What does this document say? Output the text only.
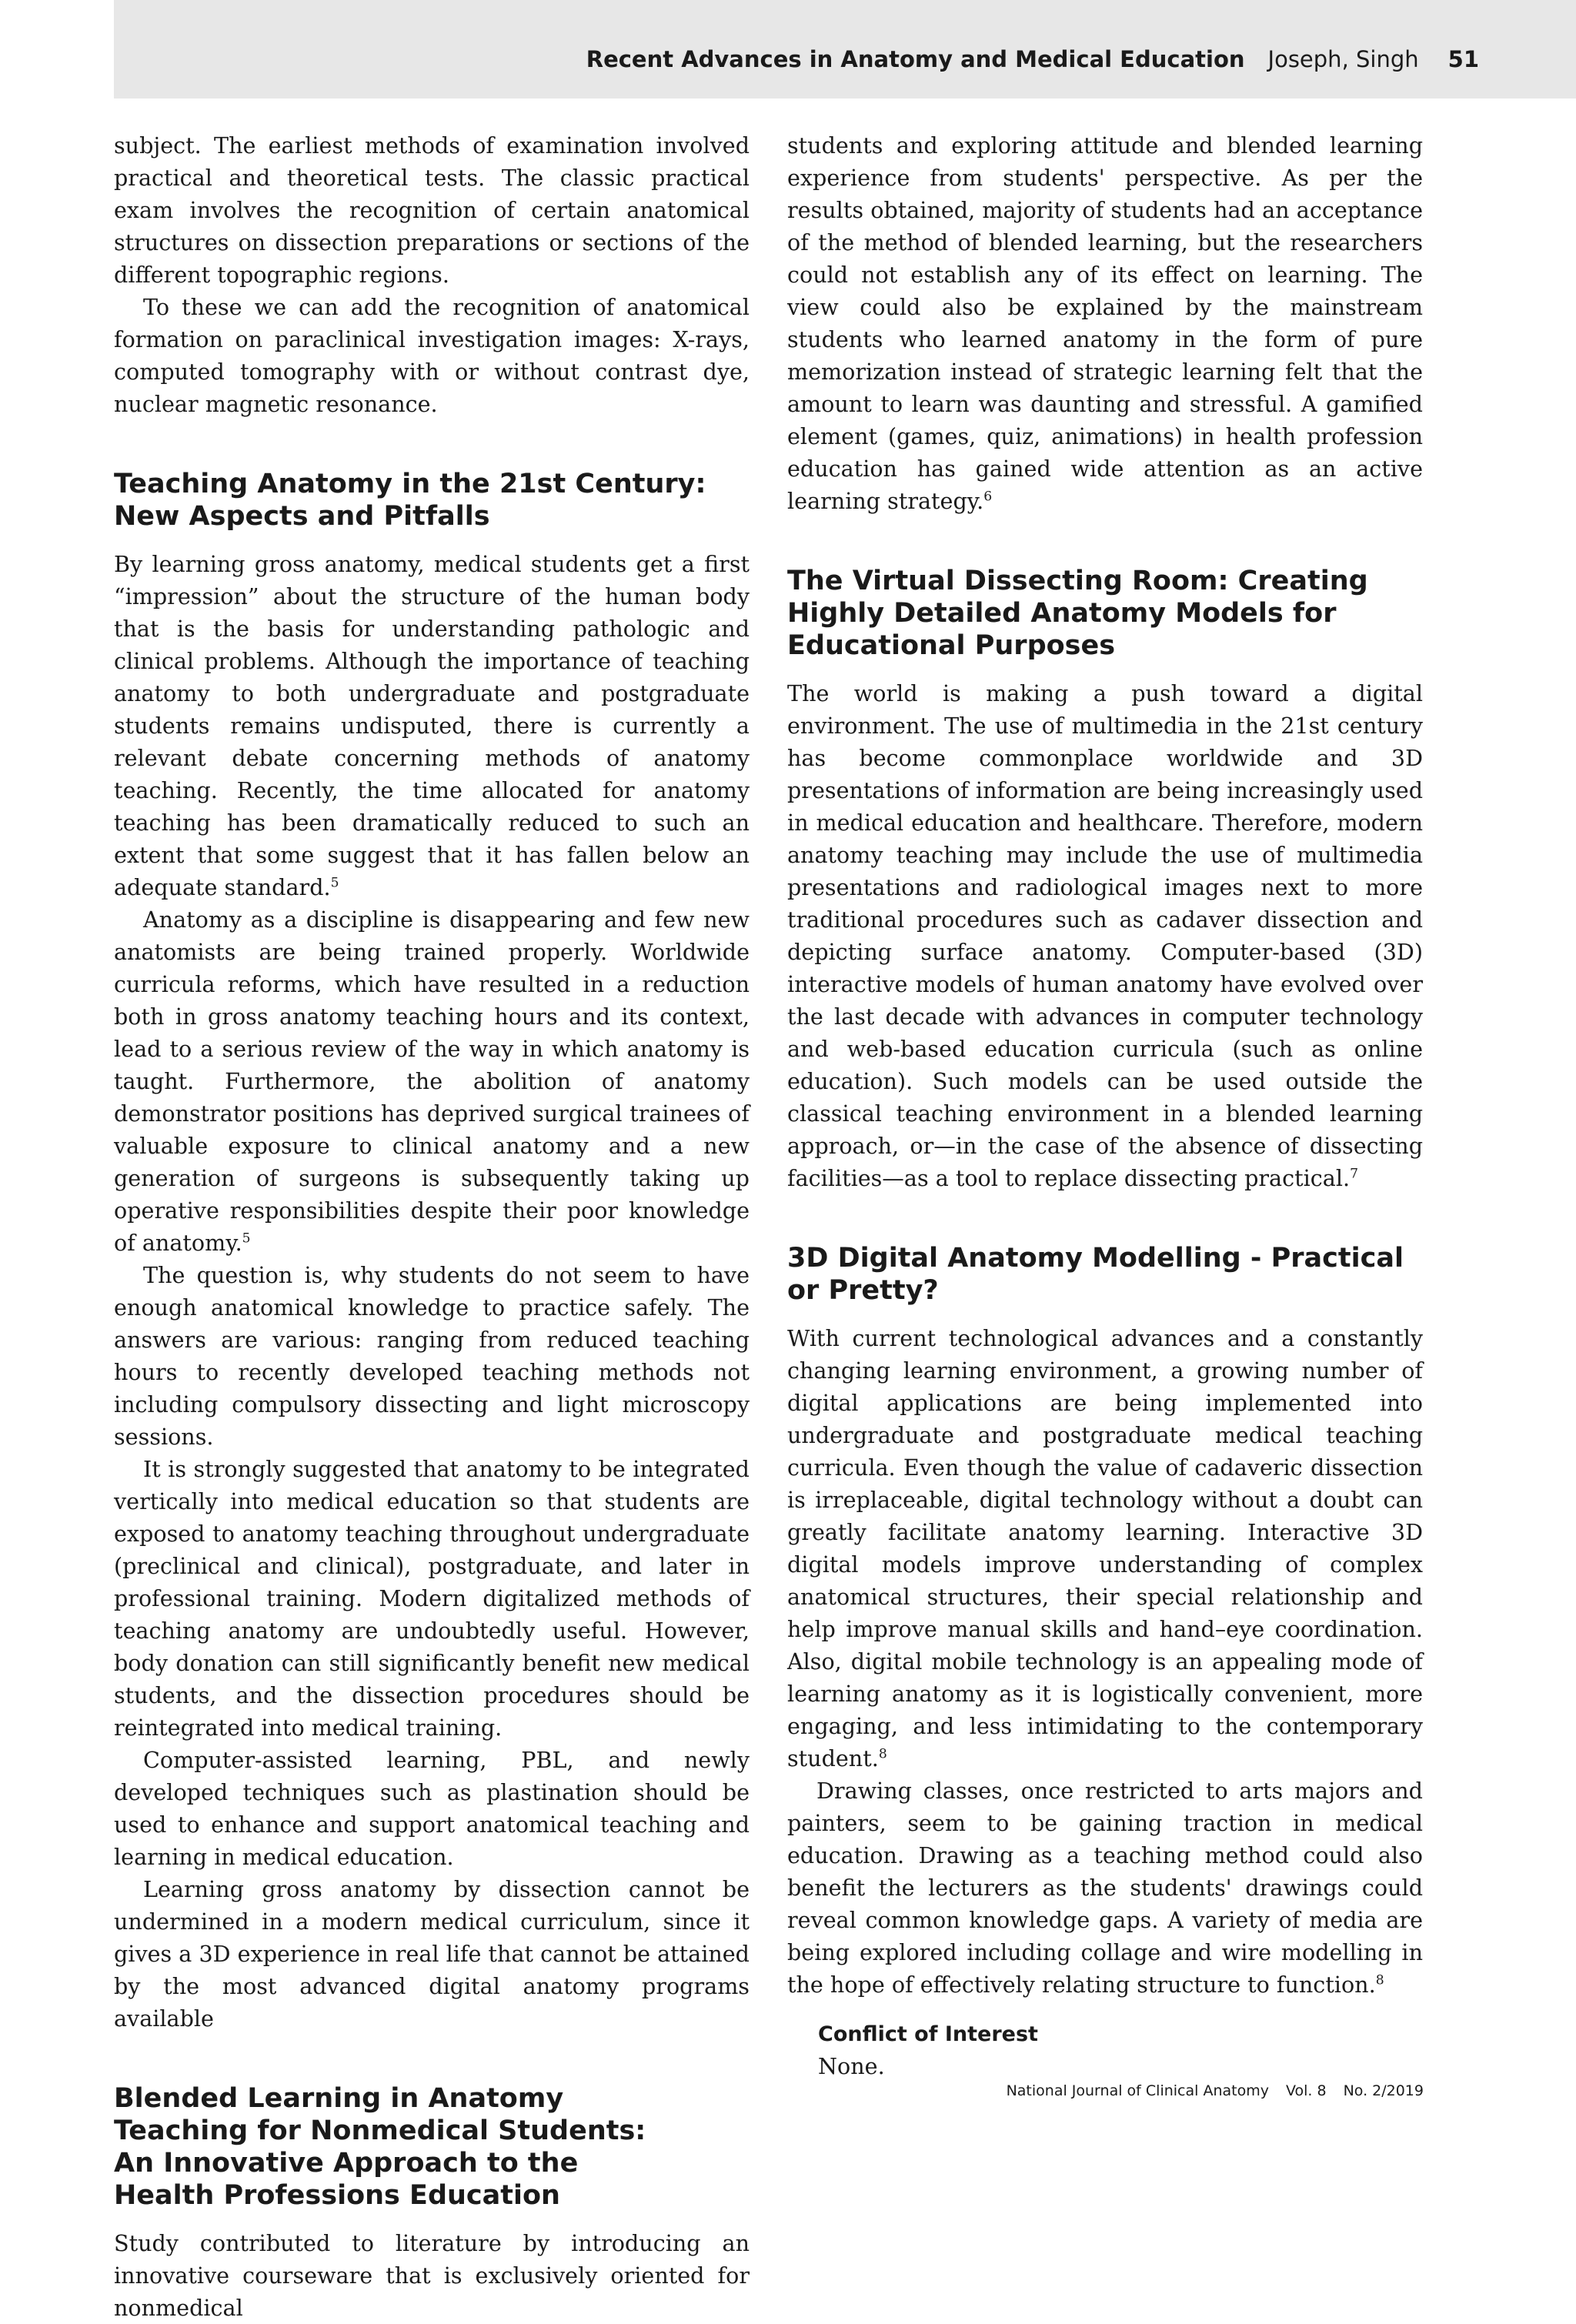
Recent Advances in Anatomy and Medical Education Joseph, Singh 51

subject. The earliest methods of examination involved practical and theoretical tests. The classic practical exam involves the recognition of certain anatomical structures on dissection preparations or sections of the different topographic regions.

To these we can add the recognition of anatomical formation on paraclinical investigation images: X-rays, computed tomography with or without contrast dye, nuclear magnetic resonance.

Teaching Anatomy in the 21st Century: New Aspects and Pitfalls

By learning gross anatomy, medical students get a first “impression” about the structure of the human body that is the basis for understanding pathologic and clinical problems. Although the importance of teaching anatomy to both undergraduate and postgraduate students remains undisputed, there is currently a relevant debate concerning methods of anatomy teaching. Recently, the time allocated for anatomy teaching has been dramatically reduced to such an extent that some suggest that it has fallen below an adequate standard.$^5$

Anatomy as a discipline is disappearing and few new anatomists are being trained properly. Worldwide curricula reforms, which have resulted in a reduction both in gross anatomy teaching hours and its context, lead to a serious review of the way in which anatomy is taught. Furthermore, the abolition of anatomy demonstrator positions has deprived surgical trainees of valuable exposure to clinical anatomy and a new generation of surgeons is subsequently taking up operative responsibilities despite their poor knowledge of anatomy.$^5$

The question is, why students do not seem to have enough anatomical knowledge to practice safely. The answers are various: ranging from reduced teaching hours to recently developed teaching methods not including compulsory dissecting and light microscopy sessions.

It is strongly suggested that anatomy to be integrated vertically into medical education so that students are exposed to anatomy teaching throughout undergraduate (preclinical and clinical), postgraduate, and later in professional training. Modern digitalized methods of teaching anatomy are undoubtedly useful. However, body donation can still significantly benefit new medical students, and the dissection procedures should be reintegrated into medical training.

Computer-assisted learning, PBL, and newly developed techniques such as plastination should be used to enhance and support anatomical teaching and learning in medical education.

Learning gross anatomy by dissection cannot be undermined in a modern medical curriculum, since it gives a 3D experience in real life that cannot be attained by the most advanced digital anatomy programs available

Blended Learning in Anatomy Teaching for Nonmedical Students: An Innovative Approach to the Health Professions Education

Study contributed to literature by introducing an innovative courseware that is exclusively oriented for nonmedical

students and exploring attitude and blended learning experience from students' perspective. As per the results obtained, majority of students had an acceptance of the method of blended learning, but the researchers could not establish any of its effect on learning. The view could also be explained by the mainstream students who learned anatomy in the form of pure memorization instead of strategic learning felt that the amount to learn was daunting and stressful. A gamified element (games, quiz, animations) in health profession education has gained wide attention as an active learning strategy.$^6$

The Virtual Dissecting Room: Creating Highly Detailed Anatomy Models for Educational Purposes

The world is making a push toward a digital environment. The use of multimedia in the 21st century has become commonplace worldwide and 3D presentations of information are being increasingly used in medical education and healthcare. Therefore, modern anatomy teaching may include the use of multimedia presentations and radiological images next to more traditional procedures such as cadaver dissection and depicting surface anatomy. Computer-based (3D) interactive models of human anatomy have evolved over the last decade with advances in computer technology and web-based education curricula (such as online education). Such models can be used outside the classical teaching environment in a blended learning approach, or—in the case of the absence of dissecting facilities—as a tool to replace dissecting practical.$^7$

3D Digital Anatomy Modelling - Practical or Pretty?

With current technological advances and a constantly changing learning environment, a growing number of digital applications are being implemented into undergraduate and postgraduate medical teaching curricula. Even though the value of cadaveric dissection is irreplaceable, digital technology without a doubt can greatly facilitate anatomy learning. Interactive 3D digital models improve understanding of complex anatomical structures, their special relationship and help improve manual skills and hand–eye coordination. Also, digital mobile technology is an appealing mode of learning anatomy as it is logistically convenient, more engaging, and less intimidating to the contemporary student.$^8$

Drawing classes, once restricted to arts majors and painters, seem to be gaining traction in medical education. Drawing as a teaching method could also benefit the lecturers as the students' drawings could reveal common knowledge gaps. A variety of media are being explored including collage and wire modelling in the hope of effectively relating structure to function.$^8$

Conflict of Interest

None.

National Journal of Clinical Anatomy Vol. 8 No. 2/2019
